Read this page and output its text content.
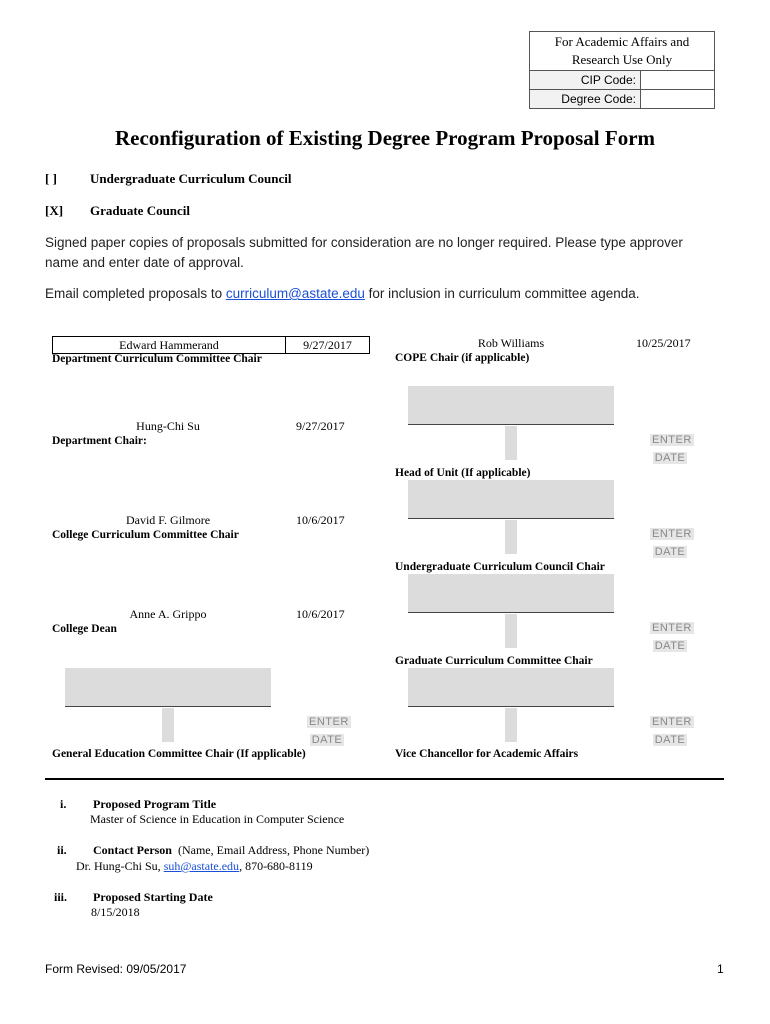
For Academic Affairs and Research Use Only
CIP Code:
Degree Code:
Reconfiguration of Existing Degree Program Proposal Form
[ ]	Undergraduate Curriculum Council
[X] Graduate Council
Signed paper copies of proposals submitted for consideration are no longer required. Please type approver name and enter date of approval.
Email completed proposals to curriculum@astate.edu for inclusion in curriculum committee agenda.
Edward Hammerand	9/27/2017
Department Curriculum Committee Chair
Hung-Chi Su	9/27/2017
Department Chair:
David F. Gilmore	10/6/2017
College Curriculum Committee Chair
Anne A. Grippo	10/6/2017
College Dean
ENTER
DATE
General Education Committee Chair (If applicable)
Rob Williams	10/25/2017
COPE Chair (if applicable)
ENTER
DATE
Head of Unit (If applicable)
ENTER
DATE
Undergraduate Curriculum Council Chair
ENTER
DATE
Graduate Curriculum Committee Chair
ENTER
DATE
Vice Chancellor for Academic Affairs
i. Proposed Program Title
Master of Science in Education in Computer Science
ii. Contact Person (Name, Email Address, Phone Number)
Dr. Hung-Chi Su, suh@astate.edu, 870-680-8119
iii. Proposed Starting Date
8/15/2018
Form Revised: 09/05/2017	1
